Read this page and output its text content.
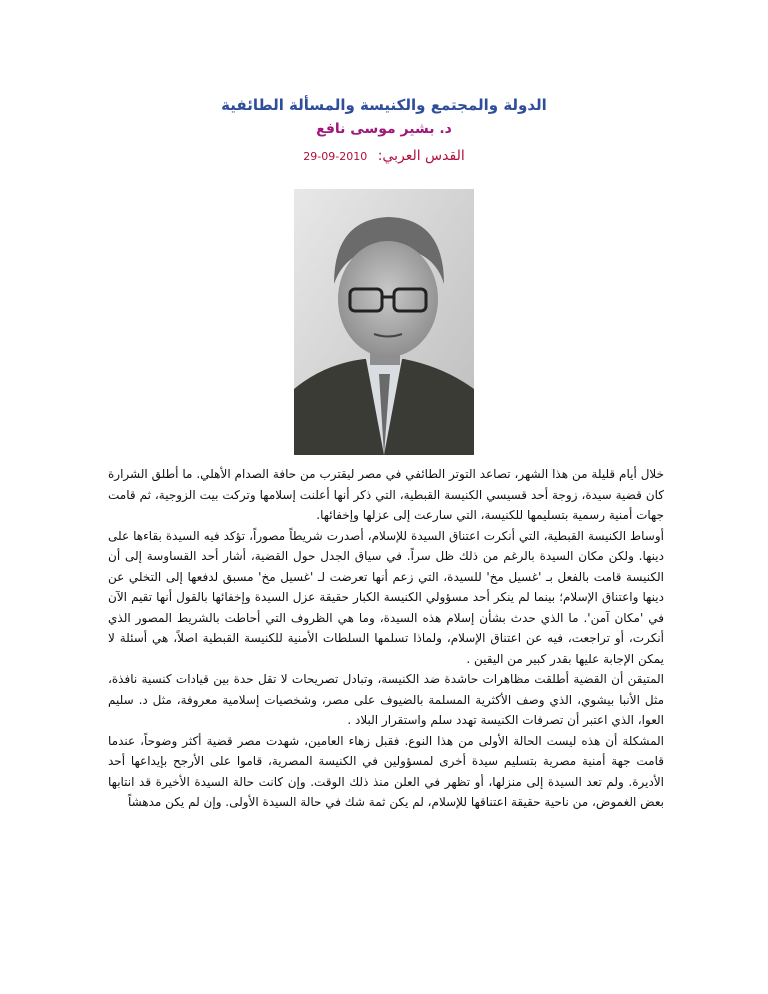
الدولة والمجتمع والكنيسة والمسألة الطائفية
د. بشير موسى نافع
القدس العربي: 2010-09-29

خلال أيام قليلة من هذا الشهر، تصاعد التوتر الطائفي في مصر ليقترب من حافة الصدام الأهلي. ما أطلق الشرارة كان قضية سيدة، زوجة أحد قسيسي الكنيسة القبطية، التي ذكر أنها أعلنت إسلامها وتركت بيت الزوجية، ثم قامت جهات أمنية رسمية بتسليمها للكنيسة، التي سارعت إلى عزلها وإخفائها.

أوساط الكنيسة القبطية، التي أنكرت اعتناق السيدة للإسلام، أصدرت شريطاً مصوراً، تؤكد فيه السيدة بقاءها على دينها. ولكن مكان السيدة بالرغم من ذلك ظل سراً. في سياق الجدل حول القضية، أشار أحد القساوسة إلى أن الكنيسة قامت بالفعل بـ 'غسيل مخ' للسيدة، التي زعم أنها تعرضت لـ 'غسيل مخ' مسبق لدفعها إلى التخلي عن دينها واعتناق الإسلام؛ بينما لم ينكر أحد مسؤولي الكنيسة الكبار حقيقة عزل السيدة وإخفائها بالقول أنها تقيم الآن في 'مكان آمن'. ما الذي حدث بشأن إسلام هذه السيدة، وما هي الظروف التي أحاطت بالشريط المصور الذي أنكرت، أو تراجعت، فيه عن اعتناق الإسلام، ولماذا تسلمها السلطات الأمنية للكنيسة القبطية اصلاً، هي أسئلة لا يمكن الإجابة عليها بقدر كبير من اليقين .

المتيقن أن القضية أطلقت مظاهرات حاشدة ضد الكنيسة، وتبادل تصريحات لا تقل حدة بين قيادات كنسية نافذة، مثل الأنبا بيشوي، الذي وصف الأكثرية المسلمة بالضيوف على مصر، وشخصيات إسلامية معروفة، مثل د. سليم العوا، الذي اعتبر أن تصرفات الكنيسة تهدد سلم واستقرار البلاد .

المشكلة أن هذه ليست الحالة الأولى من هذا النوع. فقبل زهاء العامين، شهدت مصر قضية أكثر وضوحاً، عندما قامت جهة أمنية مصرية بتسليم سيدة أخرى لمسؤولين في الكنيسة المصرية، قاموا على الأرجح بإيداعها أحد الأديرة. ولم تعد السيدة إلى منزلها، أو تظهر في العلن منذ ذلك الوقت. وإن كانت حالة السيدة الأخيرة قد انتابها بعض الغموض، من ناحية حقيقة اعتناقها للإسلام، لم يكن ثمة شك في حالة السيدة الأولى. وإن لم يكن مدهشاً
